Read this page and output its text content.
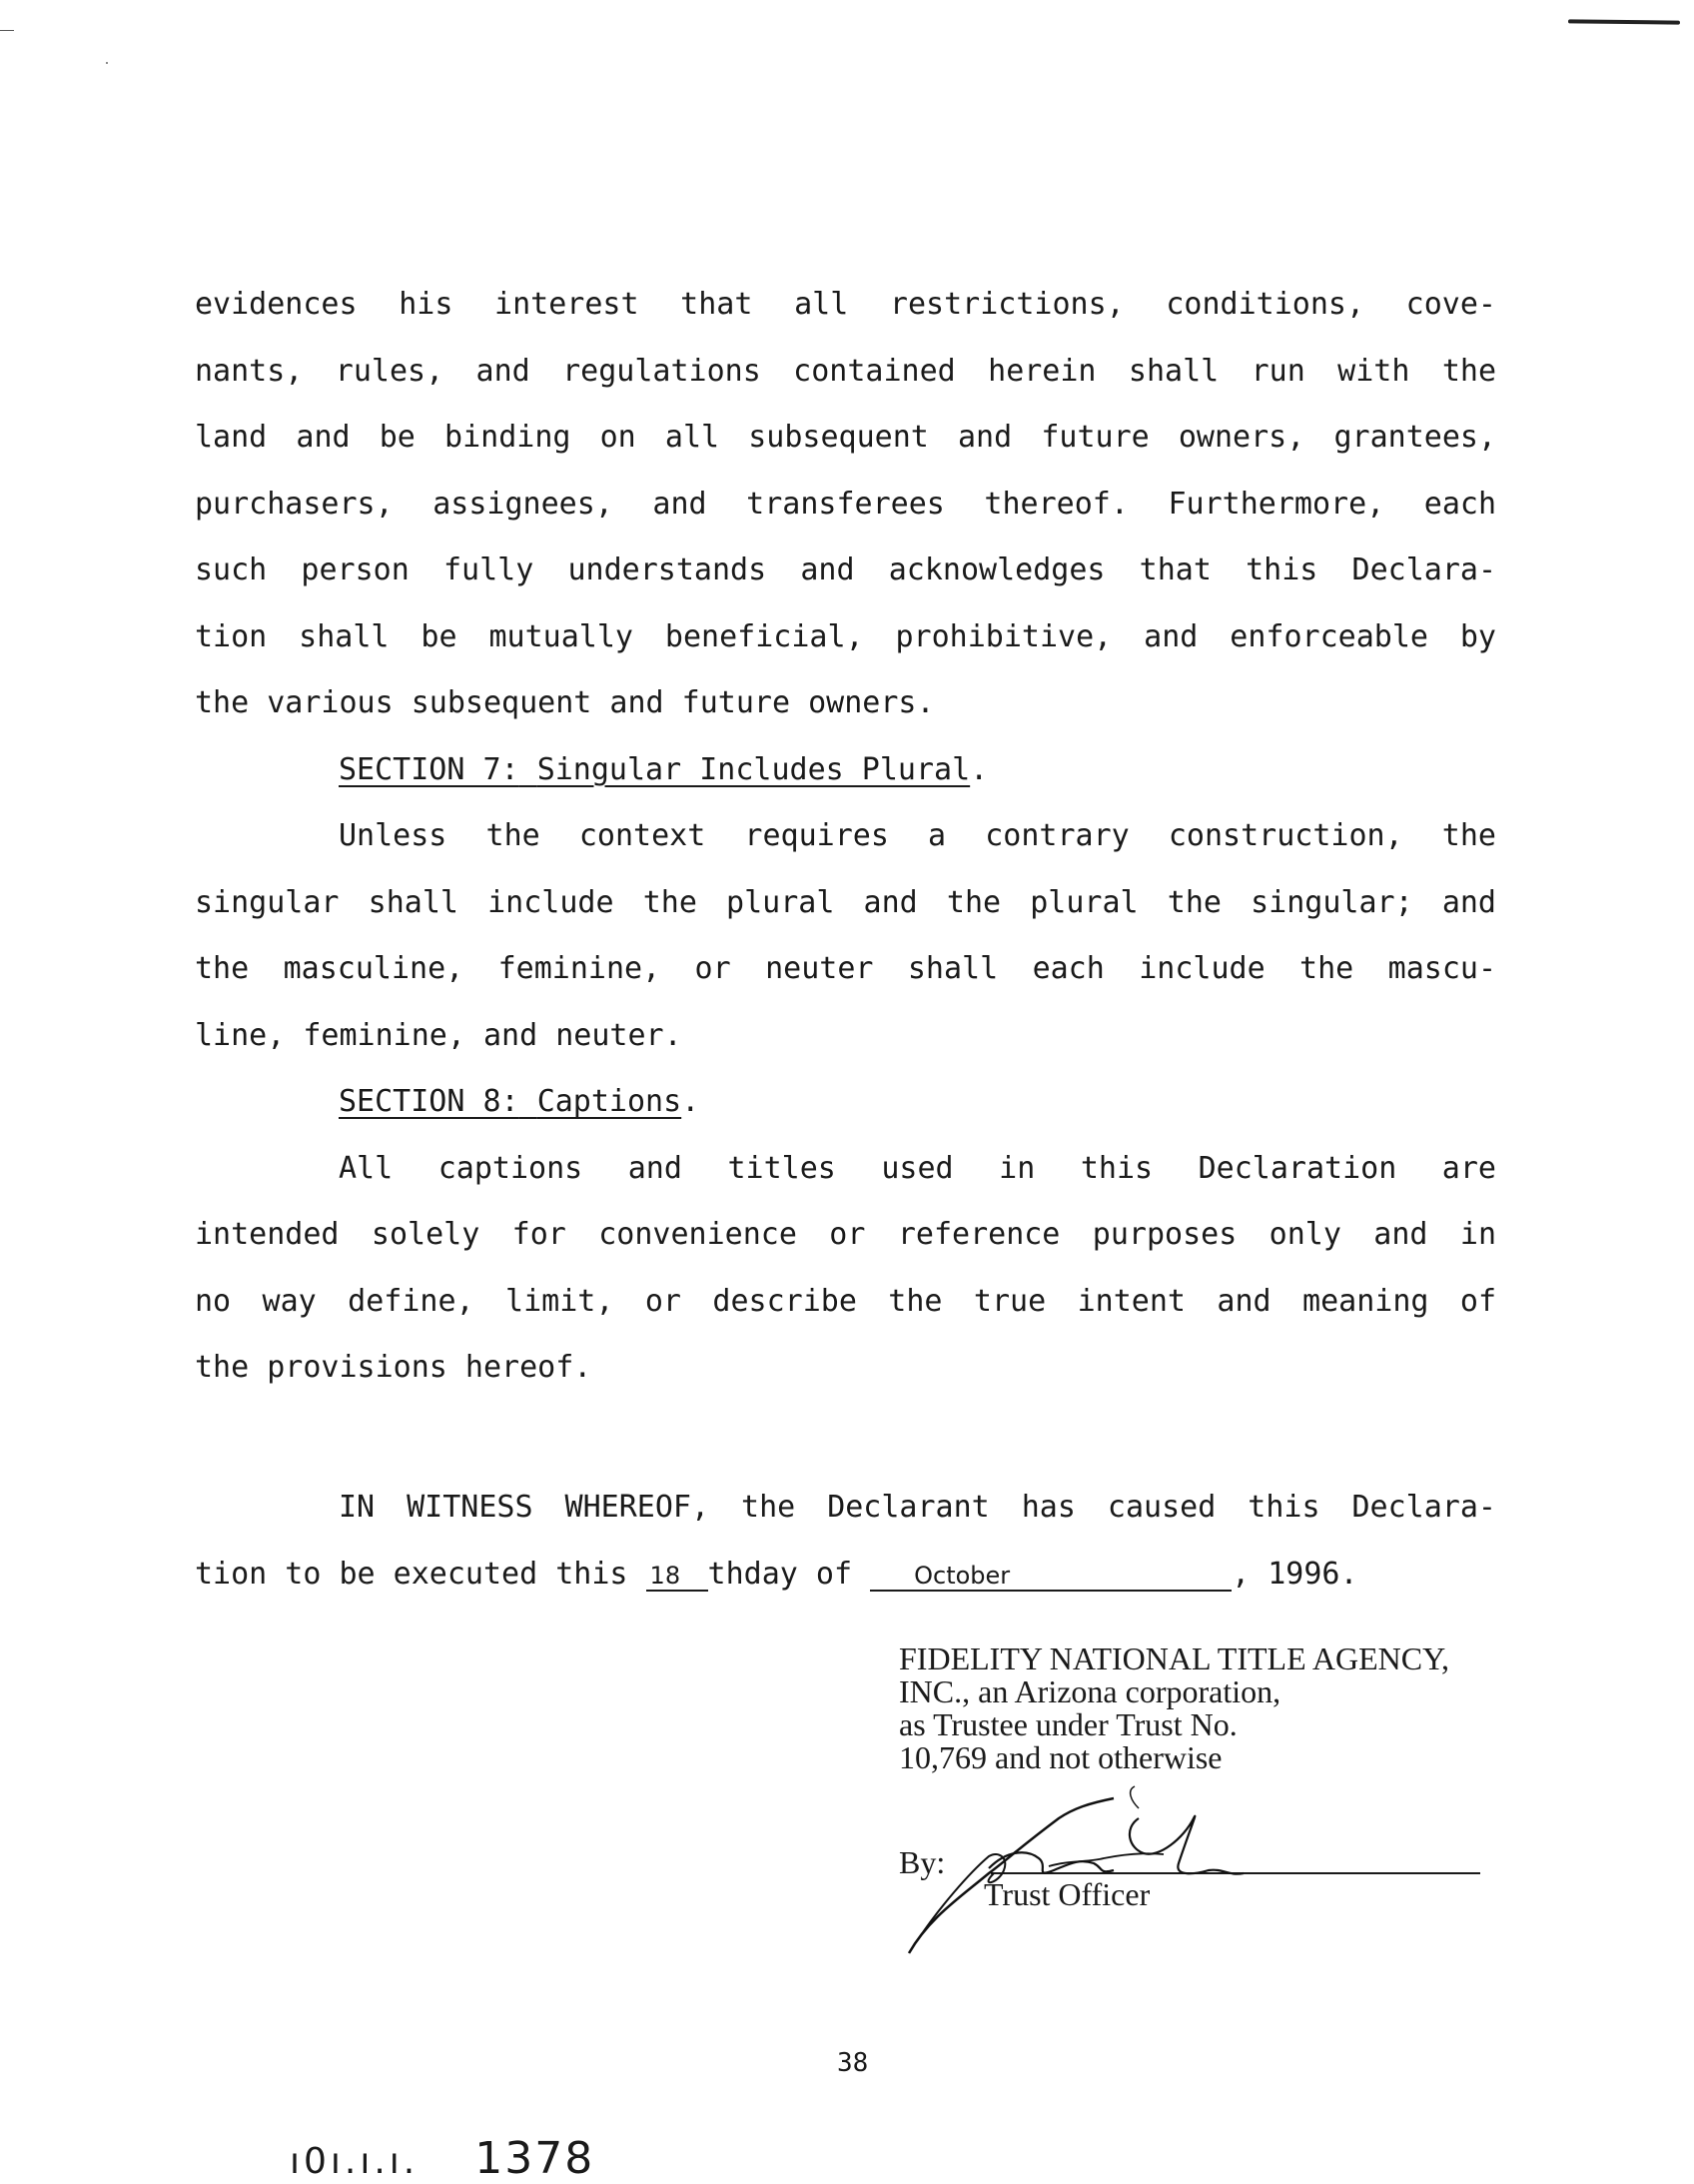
evidences his interest that all restrictions, conditions, cove-
nants, rules, and regulations contained herein shall run with the
land and be binding on all subsequent and future owners, grantees,
purchasers, assignees, and transferees thereof. Furthermore, each
such person fully understands and acknowledges that this Declara-
tion shall be mutually beneficial, prohibitive, and enforceable by
the various subsequent and future owners.
SECTION 7: Singular Includes Plural.
Unless the context requires a contrary construction, the
singular shall include the plural and the plural the singular; and
the masculine, feminine, or neuter shall each include the mascu-
line, feminine, and neuter.
SECTION 8: Captions.
All captions and titles used in this Declaration are
intended solely for convenience or reference purposes only and in
no way define, limit, or describe the true intent and meaning of
the provisions hereof.
IN WITNESS WHEREOF, the Declarant has caused this Declara-
tion to be executed this 18 thday of	October	, 1996.
FIDELITY NATIONAL TITLE AGENCY,
INC., an Arizona corporation,
as Trustee under Trust No.
10,769 and not otherwise
By:
Trust Officer
38
ı0ı.ı.ı. 1378
